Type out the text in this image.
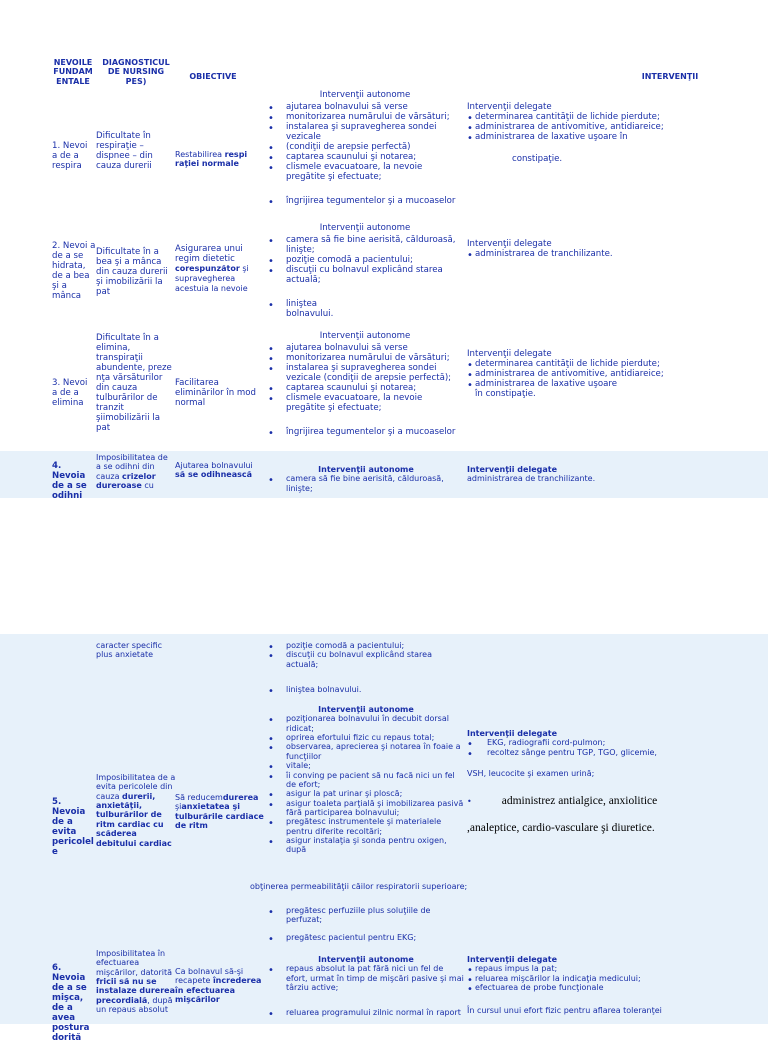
NEVOILE FUNDAM ENTALE
DIAGNOSTICUL DE NURSING PES)
OBIECTIVE	INTERVENŢII
1. Nevoi a de a respira
Dificultate în respiraţie – dispnee – din cauza durerii
Restabilirea respi raţiei normale
Intervenţii autonome
•
ajutarea bolnavului să verse
•
monitorizarea numărului de vărsături;
•
instalarea şi supravegherea sondei vezicale
•
(condiţii de arepsie perfectă)
•
captarea scaunului şi notarea;
•
clismele evacuatoare, la nevoie pregătite şi efectuate;
•
îngrijirea tegumentelor şi a mucoaselor
Intervenţii delegate
•
determinarea cantităţii de lichide pierdute;
•
administrarea de antivomitive, antidiareice;
•
administrarea de laxative uşoare în
constipaţie.
2. Nevoi a de a se hidrata, de a bea şi a mânca
Dificultate în a bea şi a mânca din cauza durerii şi imobilizării la pat
Asigurarea unui regim dietetic corespunzător şi supravegherea acestuia la nevoie
Intervenţii autonome
•
camera să fie bine aerisită, călduroasă, linişte;
•
poziţie comodă a pacientului;
•
discuţii cu bolnavul explicând starea actuală;
•
liniştea bolnavului.
Intervenţii delegate
•
administrarea de tranchilizante.
3. Nevoi a de a elimina
Dificultate în a elimina, transpiraţii abundente, preze nţa vărsăturilor din cauza tulburărilor de tranzit şiimobilizării la pat
Facilitarea eliminărilor în mod normal
Intervenţii autonome
•
ajutarea bolnavului să verse
•
monitorizarea numărului de vărsături;
•
instalarea şi supravegherea sondei vezicale (condiţii de arepsie perfectă);
•
captarea scaunului şi notarea;
•
clismele evacuatoare, la nevoie pregătite şi efectuate;
•
îngrijirea tegumentelor şi a mucoaselor
Intervenţii delegate
•
determinarea cantităţii de lichide pierdute;
•
administrarea de antivomitive, antidiareice;
•
administrarea de laxative uşoare în constipaţie.
4. Nevoia de a se odihni
Imposibilitatea de a se odihni din cauza crizelor dureroase cu
Ajutarea bolnavului să se odihnească
Intervenţii autonome
•
camera să fie bine aerisită, călduroasă, linişte;
Intervenţii delegate
administrarea de tranchilizante.
caracter specific plus anxietate
•
poziţie comodă a pacientului;
•
discuţii cu bolnavul explicând starea actuală;
•
liniştea bolnavului.
5. Nevoia de a evita pericolel e
Imposibilitatea de a evita pericolele din cauza durerii, anxietăţii, tulburărilor de ritm cardiac cu scăderea debitului cardiac
Să reducemdurerea
şianxietatea şi tulburările cardiace de ritm
Intervenţii autonome
•
poziţionarea bolnavului în decubit dorsal ridicat;
•
oprirea efortului fizic cu repaus total;
•
observarea, aprecierea şi notarea în foaie a funcţiilor
•
vitale;
•
îi conving pe pacient să nu facă nici un fel de efort;
•
asigur la pat urinar şi ploscă;
•
asigur toaleta parţială şi imobilizarea pasivă fără participarea bolnavului;
•
pregătesc instrumentele şi materialele pentru diferite recoltări;
•
asigur instalaţia şi sonda pentru oxigen, după
obţinerea permeabilităţii căilor respiratorii superioare;
•
pregătesc perfuziile plus soluţiile de perfuzat;
•
pregătesc pacientul pentru EKG;
Intervenţii delegate
•
EKG, radiografii cord-pulmon;
•
recoltez sânge pentru TGP, TGO, glicemie,
VSH, leucocite şi examen urină;
•	administrez antialgice, anxiolitice
,analeptice, cardio-vasculare şi diuretice.
6. Nevoia de a se mişca, de a avea postura dorită
Imposibilitatea în efectuarea mişcărilor, datorită fricii să nu se instalaze durerea precordială, după un repaus absolut
Ca bolnavul să-şi recapete încrederea în efectuarea mişcărilor
Intervenţii autonome
•
repaus absolut la pat fără nici un fel de efort, urmat în timp de mişcări pasive şi mai târziu active;
•
reluarea programului zilnic normal în raport
Intervenţii delegate
•
repaus impus la pat;
•
reluarea mişcărilor la indicaţia medicului;
•
efectuarea de probe funcţionale
În cursul unui efort fizic pentru aflarea toleranţei
